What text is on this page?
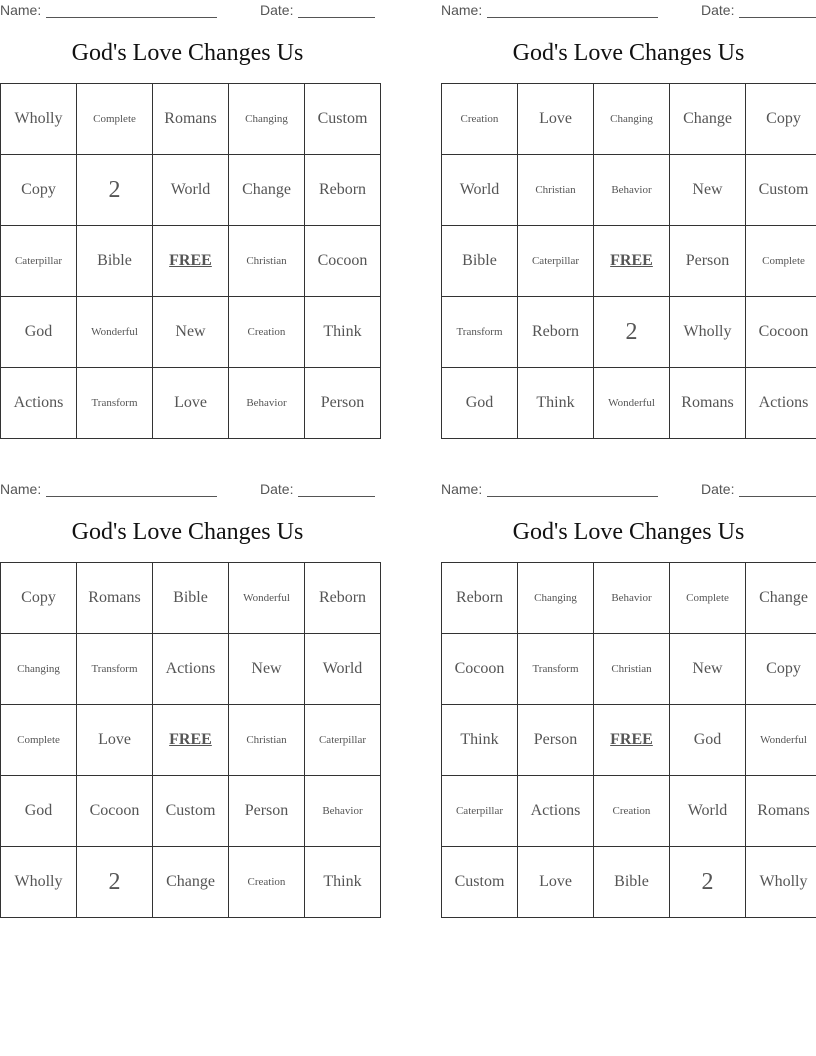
Name:	Date:
God's Love Changes Us
Wholly	Complete	Romans	Changing	Custom
Copy	2	World	Change	Reborn
Caterpillar	Bible	FREE	Christian	Cocoon
God	Wonderful	New	Creation	Think
Actions	Transform	Love	Behavior	Person
Name:	Date:
God's Love Changes Us
Creation	Love	Changing	Change	Copy
World	Christian	Behavior	New	Custom
Bible	Caterpillar	FREE	Person	Complete
Transform	Reborn	2	Wholly	Cocoon
God	Think	Wonderful	Romans	Actions
Name:	Date:
God's Love Changes Us
Copy	Romans	Bible	Wonderful	Reborn
Changing	Transform	Actions	New	World
Complete	Love	FREE	Christian	Caterpillar
God	Cocoon	Custom	Person	Behavior
Wholly	2	Change	Creation	Think
Name:	Date:
God's Love Changes Us
Reborn	Changing	Behavior	Complete	Change
Cocoon	Transform	Christian	New	Copy
Think	Person	FREE	God	Wonderful
Caterpillar	Actions	Creation	World	Romans
Custom	Love	Bible	2	Wholly
